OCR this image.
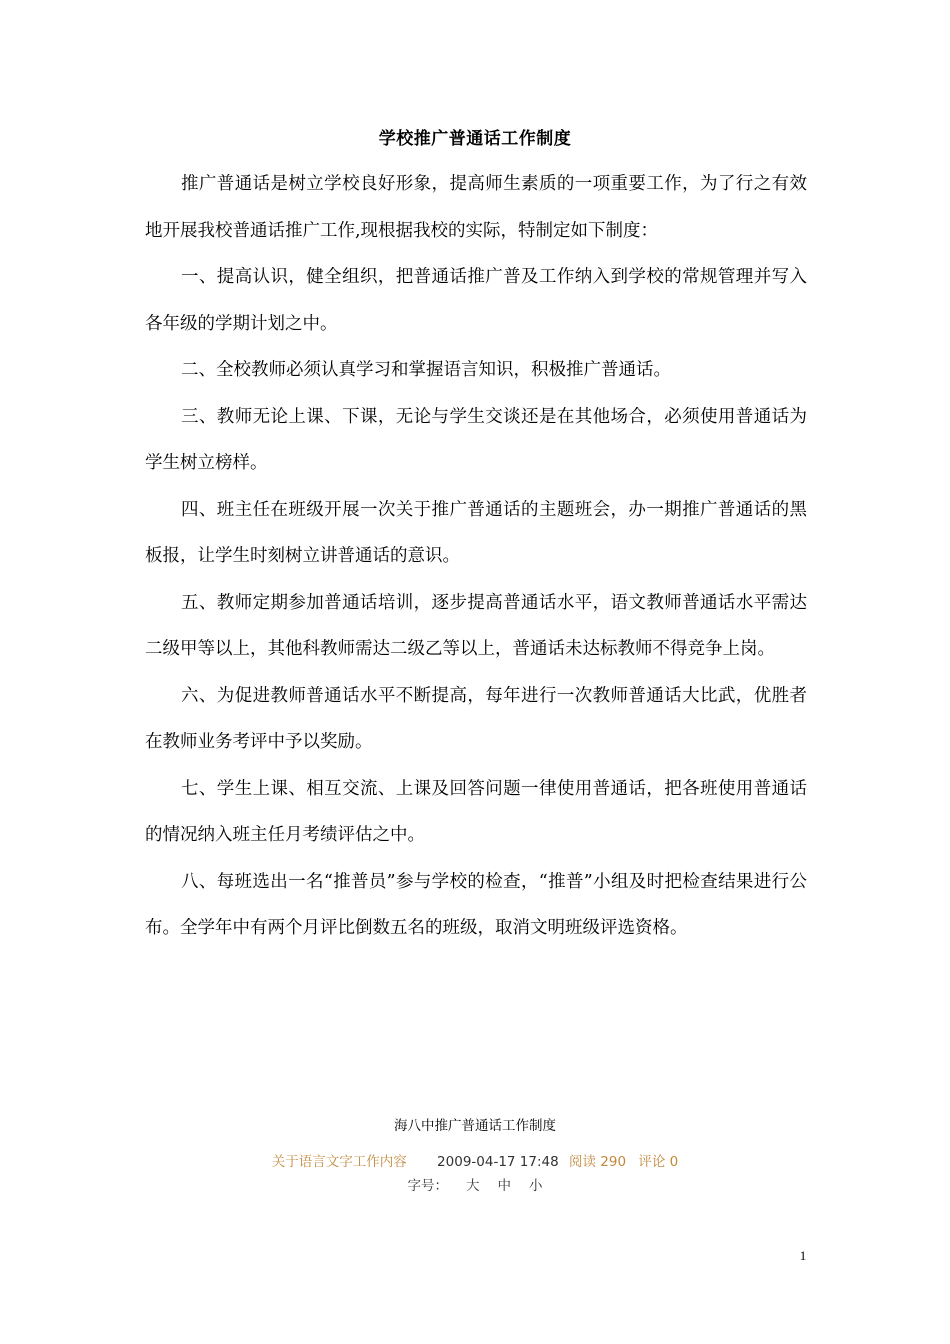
学校推广普通话工作制度

推广普通话是树立学校良好形象，提高师生素质的一项重要工作，为了行之有效地开展我校普通话推广工作,现根据我校的实际，特制定如下制度：

一、提高认识，健全组织，把普通话推广普及工作纳入到学校的常规管理并写入各年级的学期计划之中。

二、全校教师必须认真学习和掌握语言知识，积极推广普通话。

三、教师无论上课、下课，无论与学生交谈还是在其他场合，必须使用普通话为学生树立榜样。

四、班主任在班级开展一次关于推广普通话的主题班会，办一期推广普通话的黑板报，让学生时刻树立讲普通话的意识。

五、教师定期参加普通话培训，逐步提高普通话水平，语文教师普通话水平需达二级甲等以上，其他科教师需达二级乙等以上，普通话未达标教师不得竞争上岗。

六、为促进教师普通话水平不断提高，每年进行一次教师普通话大比武，优胜者在教师业务考评中予以奖励。

七、学生上课、相互交流、上课及回答问题一律使用普通话，把各班使用普通话的情况纳入班主任月考绩评估之中。

八、每班选出一名“推普员”参与学校的检查，“推普”小组及时把检查结果进行公布。全学年中有两个月评比倒数五名的班级，取消文明班级评选资格。

海八中推广普通话工作制度
关于语言文字工作内容 2009-04-17 17:48 阅读 290 评论 0
字号： 大 中 小
1
